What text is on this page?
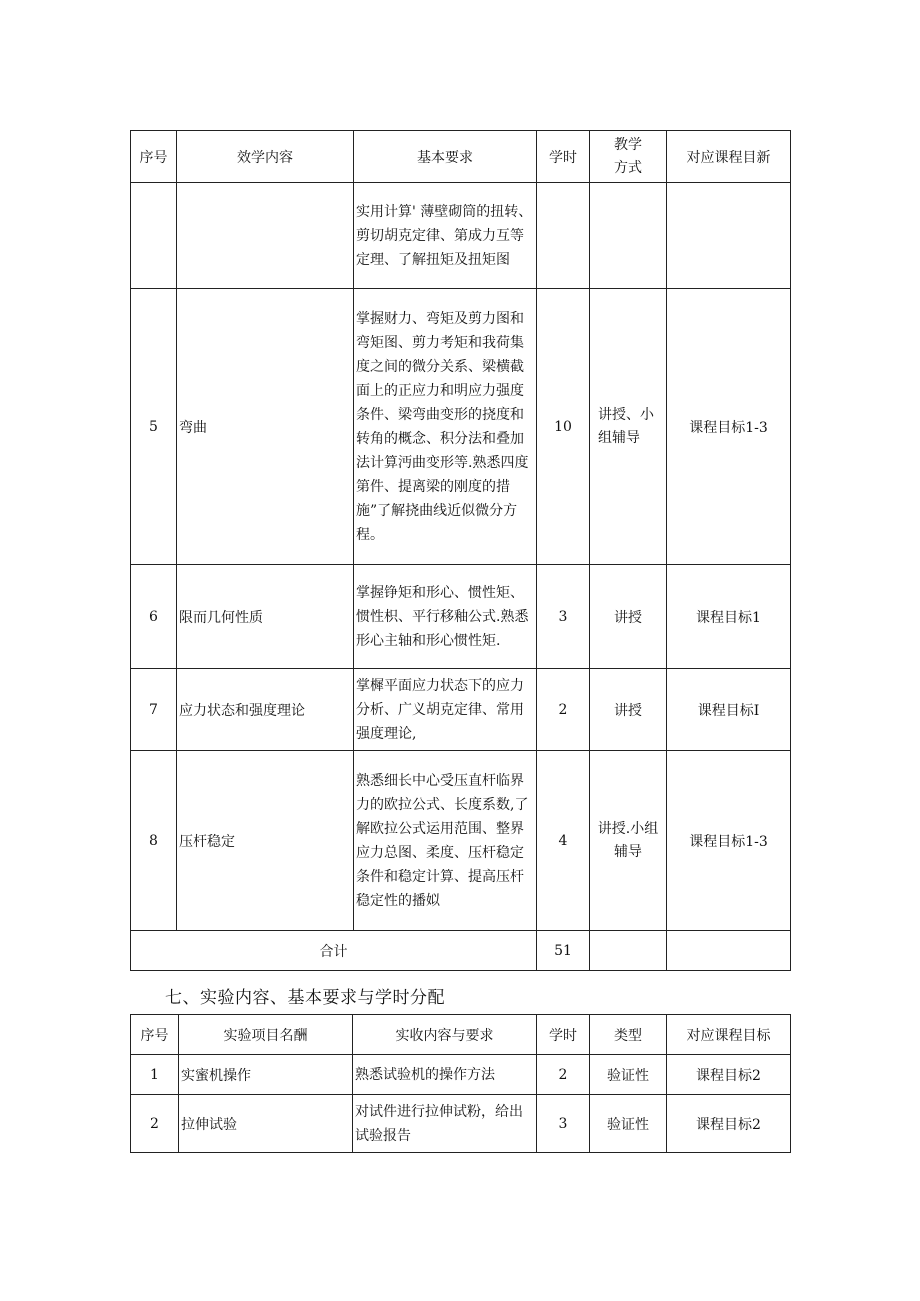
序号	效学内容	基本要求	学时	教学方式	对应课程目新
		实用计算' 薄壁砌筒的扭转、剪切胡克定律、第成力互等定理、了解扭矩及扭矩图			
5	弯曲	掌握财力、弯矩及剪力图和弯矩图、剪力考矩和我荷集度之间的微分关系、梁横截面上的正应力和明应力强度条件、梁弯曲变形的挠度和转角的概念、积分法和叠加法计算沔曲变形等.熟悉四度第件、提离梁的刚度的措施”了解挠曲线近似微分方程。	10	讲授、小组辅导	课程目标1-3
6	限而几何性质	掌握铮矩和形心、惯性矩、惯性枳、平行移釉公式.熟悉形心主轴和形心惯性矩.	3	讲授	课程目标1
7	应力状态和强度理论	掌樨平面应力状态下的应力分析、广义胡克定律、常用强度理论,	2	讲授	课程目标I
8	压杆稳定	熟悉细长中心受压直杆临界力的欧拉公式、长度系数,了解欧拉公式运用范围、整界应力总图、柔度、压杆稳定条件和稳定计算、提高压杆稳定性的播姒	4	讲授.小组辅导	课程目标1-3
合计			51		
七、实验内容、基本要求与学时分配
序号	实验项目名酬	实收内容与要求	学时	类型	对应课程目标
1	实蜜机操作	熟悉试验机的操作方法	2	验证性	课程目标2
2	拉伸试验	对试件进行拉伸试粉，给出试验报告	3	验证性	课程目标2
